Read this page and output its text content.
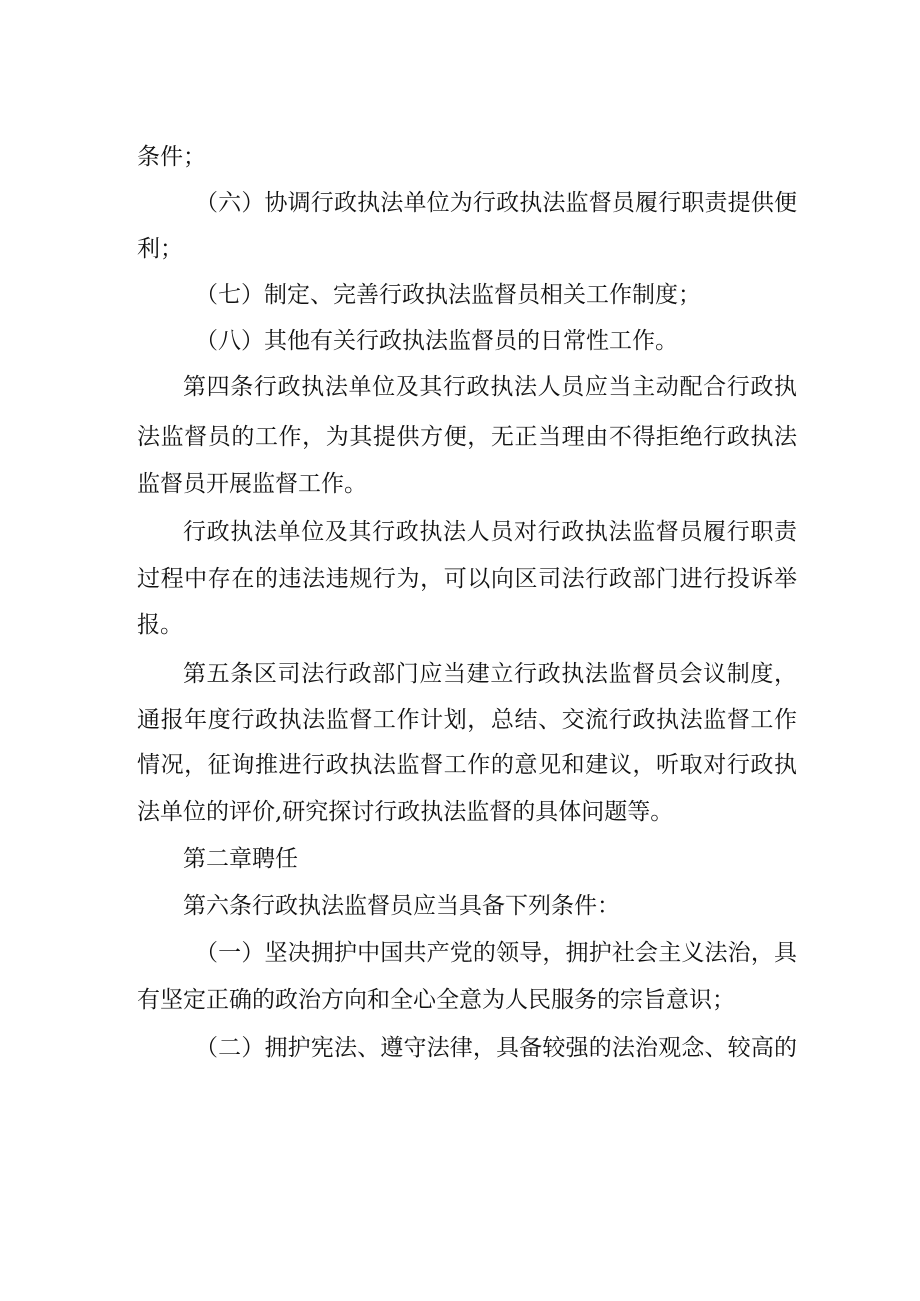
条件；
（六）协调行政执法单位为行政执法监督员履行职责提供便
利；
（七）制定、完善行政执法监督员相关工作制度；
（八）其他有关行政执法监督员的日常性工作。
第四条行政执法单位及其行政执法人员应当主动配合行政执
法监督员的工作，为其提供方便，无正当理由不得拒绝行政执法
监督员开展监督工作。
行政执法单位及其行政执法人员对行政执法监督员履行职责
过程中存在的违法违规行为，可以向区司法行政部门进行投诉举
报。
第五条区司法行政部门应当建立行政执法监督员会议制度，
通报年度行政执法监督工作计划，总结、交流行政执法监督工作
情况，征询推进行政执法监督工作的意见和建议，听取对行政执
法单位的评价,研究探讨行政执法监督的具体问题等。
第二章聘任
第六条行政执法监督员应当具备下列条件：
（一）坚决拥护中国共产党的领导，拥护社会主义法治，具
有坚定正确的政治方向和全心全意为人民服务的宗旨意识；
（二）拥护宪法、遵守法律，具备较强的法治观念、较高的
